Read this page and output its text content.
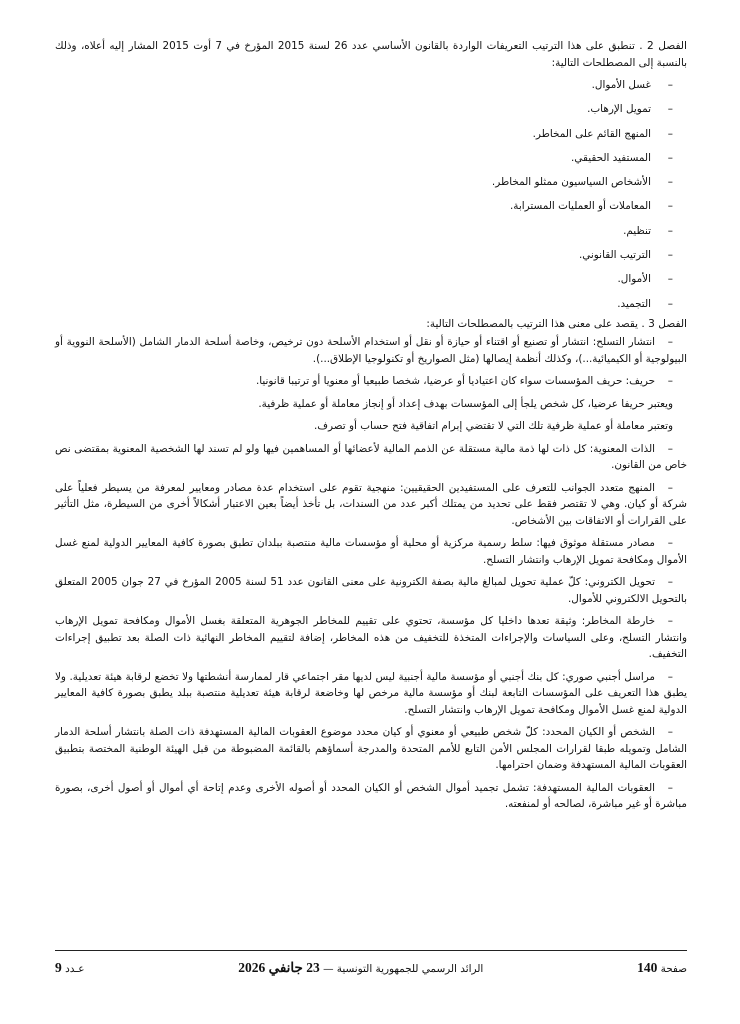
الفصل 2 . تنطبق على هذا الترتيب التعريفات الواردة بالقانون الأساسي عدد 26 لسنة 2015 المؤرخ في 7 أوت 2015 المشار إليه أعلاه، وذلك بالنسبة إلى المصطلحات التالية:

–غسل الأموال.
–تمويل الإرهاب.
–المنهج القائم على المخاطر.
–المستفيد الحقيقي.
–الأشخاص السياسيون ممثلو المخاطر.
–المعاملات أو العمليات المسترابة.
–تنظيم.
–الترتيب القانوني.
–الأموال.
–التجميد.

الفصل 3 . يقصد على معنى هذا الترتيب بالمصطلحات التالية:

–انتشار التسلح: انتشار أو تصنيع أو اقتناء أو حيازة أو نقل أو استخدام الأسلحة دون ترخيص، وخاصة أسلحة الدمار الشامل (الأسلحة النووية أو البيولوجية أو الكيميائية...)، وكذلك أنظمة إيصالها (مثل الصواريخ أو تكنولوجيا الإطلاق...).

–حريف: حريف المؤسسات سواء كان اعتياديا أو عرضيا، شخصا طبيعيا أو معنويا أو ترتيبا قانونيا.

ويعتبر حريفا عرضيا، كل شخص يلجأ إلى المؤسسات بهدف إعداد أو إنجاز معاملة أو عملية ظرفية.

وتعتبر معاملة أو عملية ظرفية تلك التي لا تقتضي إبرام اتفاقية فتح حساب أو تصرف.

–الذات المعنوية: كل ذات لها ذمة مالية مستقلة عن الذمم المالية لأعضائها أو المساهمين فيها ولو لم تسند لها الشخصية المعنوية بمقتضى نص خاص من القانون.

–المنهج متعدد الجوانب للتعرف على المستفيدين الحقيقيين: منهجية تقوم على استخدام عدة مصادر ومعايير لمعرفة من يسيطر فعلياً على شركة أو كيان. وهي لا تقتصر فقط على تحديد من يمتلك أكبر عدد من السندات، بل تأخذ أيضاً بعين الاعتبار أشكالاً أخرى من السيطرة، مثل التأثير على القرارات أو الاتفاقات بين الأشخاص.

–مصادر مستقلة موثوق فيها: سلط رسمية مركزية أو محلية أو مؤسسات مالية منتصبة ببلدان تطبق بصورة كافية المعايير الدولية لمنع غسل الأموال ومكافحة تمويل الإرهاب وانتشار التسلح.

–تحويل الكتروني: كلّ عملية تحويل لمبالغ مالية بصفة الكترونية على معنى القانون عدد 51 لسنة 2005 المؤرخ في 27 جوان 2005 المتعلق بالتحويل الالكتروني للأموال.

–خارطة المخاطر: وثيقة تعدها داخليا كل مؤسسة، تحتوي على تقييم للمخاطر الجوهرية المتعلقة بغسل الأموال ومكافحة تمويل الإرهاب وانتشار التسلح، وعلى السياسات والإجراءات المتخذة للتخفيف من هذه المخاطر، إضافة لتقييم المخاطر النهائية ذات الصلة بعد تطبيق إجراءات التخفيف.

–مراسل أجنبي صوري: كل بنك أجنبي أو مؤسسة مالية أجنبية ليس لديها مقر اجتماعي قار لممارسة أنشطتها ولا تخضع لرقابة هيئة تعديلية. ولا يطبق هذا التعريف على المؤسسات التابعة لبنك أو مؤسسة مالية مرخص لها وخاضعة لرقابة هيئة تعديلية منتصبة ببلد يطبق بصورة كافية المعايير الدولية لمنع غسل الأموال ومكافحة تمويل الإرهاب وانتشار التسلح.

–الشخص أو الكيان المحدد: كلّ شخص طبيعي أو معنوي أو كيان محدد موضوع العقوبات المالية المستهدفة ذات الصلة بانتشار أسلحة الدمار الشامل وتمويله طبقا لقرارات المجلس الأمن التابع للأمم المتحدة والمدرجة أسماؤهم بالقائمة المضبوطة من قبل الهيئة الوطنية المختصة بتطبيق العقوبات المالية المستهدفة وضمان احترامها.

–العقوبات المالية المستهدفة: تشمل تجميد أموال الشخص أو الكيان المحدد أو أصوله الأخرى وعدم إتاحة أي أموال أو أصول أخرى، بصورة مباشرة أو غير مباشرة، لصالحه أو لمنفعته.

صفحة 140
الرائد الرسمي للجمهورية التونسية — 23 جانفي 2026
عـدد 9
